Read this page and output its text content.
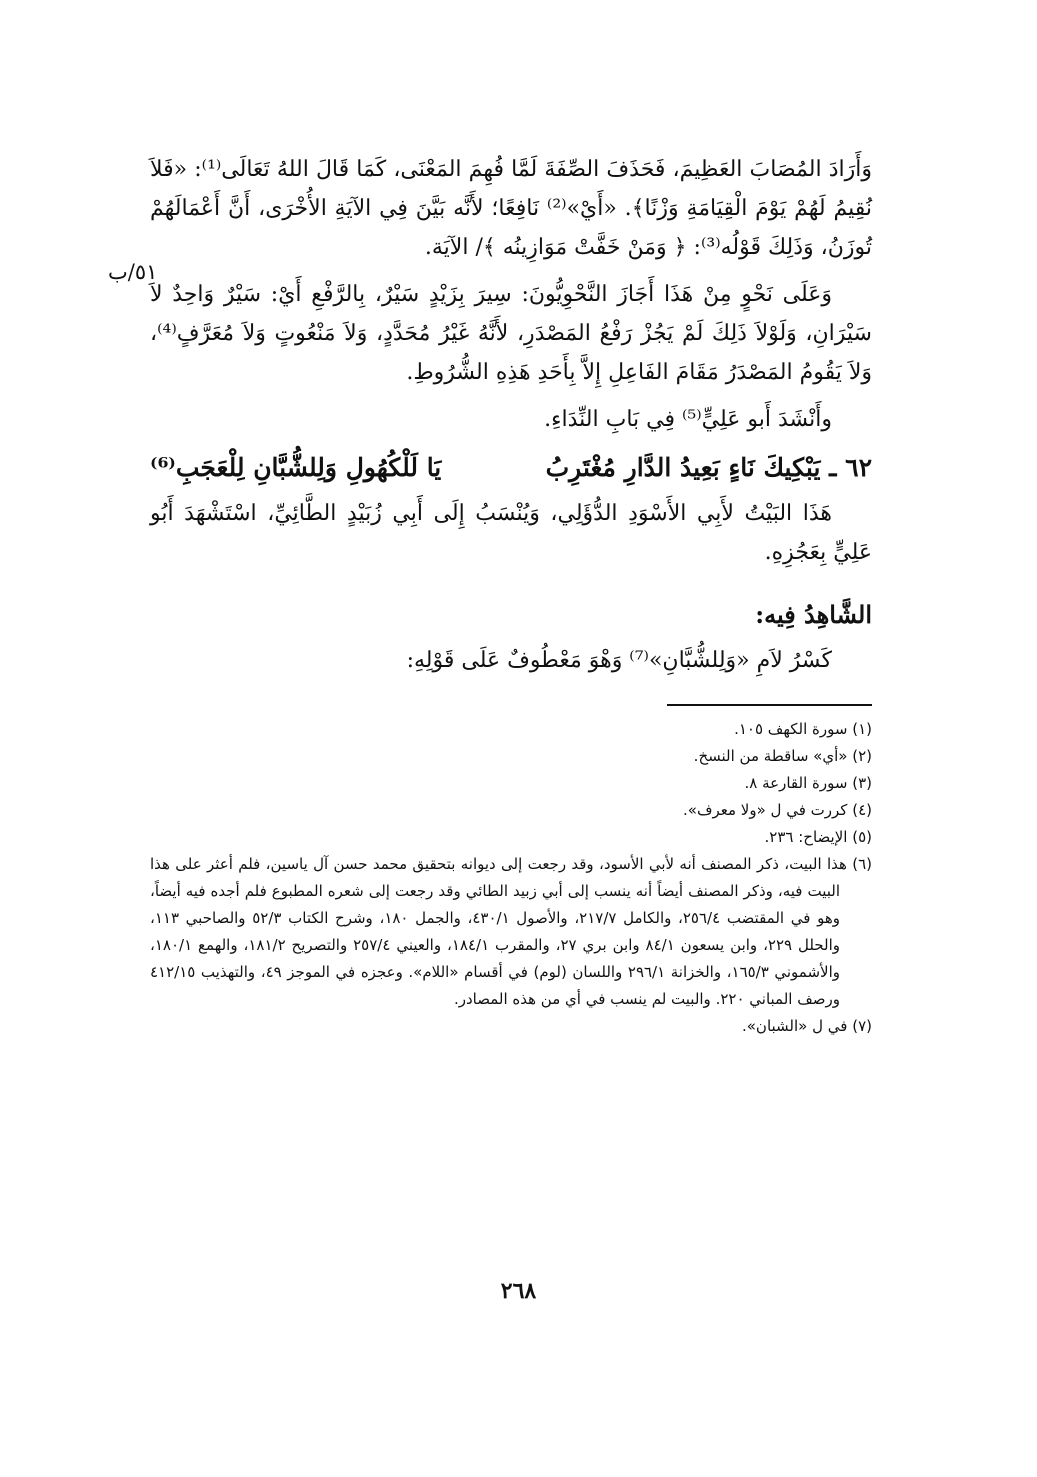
٥١/ب

وَأَرَادَ المُصَابَ العَظِيمَ، فَحَذَفَ الصِّفَةَ لَمَّا فُهِمَ المَعْنَى، كَمَا قَالَ اللهُ تَعَالَى⁽¹⁾: «فَلاَ نُقِيمُ لَهُمْ يَوْمَ الْقِيَامَةِ وَزْنًا﴾. «أَيْ»⁽²⁾ نَافِعًا؛ لأَنَّه بَيَّنَ فِي الآيَةِ الأُخْرَى، أَنَّ أَعْمَالَهُمْ تُوزَنُ، وَذَلِكَ قَوْلُه⁽³⁾: ﴿ وَمَنْ خَفَّتْ مَوَازِينُه ﴾/ الآيَة.

وَعَلَى نَحْوٍ مِنْ هَذَا أَجَازَ النَّحْوِيُّونَ: سِيرَ بِزَيْدٍ سَيْرٌ، بِالرَّفْعِ أَيْ: سَيْرٌ وَاحِدٌ لاَ سَيْرَانِ، وَلَوْلاَ ذَلِكَ لَمْ يَجُزْ رَفْعُ المَصْدَرِ، لأَنَّهُ غَيْرُ مُحَدَّدٍ، وَلاَ مَنْعُوتٍ وَلاَ مُعَرَّفٍ⁽⁴⁾، وَلاَ يَقُومُ المَصْدَرُ مَقَامَ الفَاعِلِ إِلاَّ بِأَحَدِ هَذِهِ الشُّرُوطِ.

وأَنْشَدَ أَبو عَلِيٍّ⁽⁵⁾ فِي بَابِ النِّدَاءِ.

٦٢ ـ يَبْكِيكَ نَاءٍ بَعِيدُ الدَّارِ مُغْتَرِبُ
يَا لَلْكُهُولِ وَلِلشُّبَّانِ لِلْعَجَبِ⁽⁶⁾

هَذَا البَيْتُ لأَبِي الأَسْوَدِ الدُّؤَلِي، وَيُنْسَبُ إِلَى أَبِي زُبَيْدٍ الطَّائِيِّ، اسْتَشْهَدَ أَبُو عَلِيٍّ بِعَجُزِهِ.

الشَّاهِدُ فِيه:

كَسْرُ لاَمِ «وَلِلشُّبَّانِ»⁽⁷⁾ وَهْوَ مَعْطُوفٌ عَلَى قَوْلِهِ:

(١) سورة الكهف ١٠٥.

(٢) «أي» ساقطة من النسخ.

(٣) سورة القارعة ٨.

(٤) كررت في ل «ولا معرف».

(٥) الإيضاح: ٢٣٦.

(٦) هذا البيت، ذكر المصنف أنه لأبي الأسود، وقد رجعت إلى ديوانه بتحقيق محمد حسن آل ياسين، فلم أعثر على هذا البيت فيه، وذكر المصنف أيضاً أنه ينسب إلى أبي زبيد الطائي وقد رجعت إلى شعره المطبوع فلم أجده فيه أيضاً، وهو في المقتضب ٢٥٦/٤، والكامل ٢١٧/٧، والأصول ٤٣٠/١، والجمل ١٨٠، وشرح الكتاب ٥٢/٣ والصاحبي ١١٣، والحلل ٢٢٩، وابن يسعون ٨٤/١ وابن بري ٢٧، والمقرب ١٨٤/١، والعيني ٢٥٧/٤ والتصريح ١٨١/٢، والهمع ١٨٠/١، والأشموني ١٦٥/٣، والخزانة ٢٩٦/١ واللسان (لوم) في أقسام «اللام». وعجزه في الموجز ٤٩، والتهذيب ٤١٢/١٥ ورصف المباني ٢٢٠. والبيت لم ينسب في أي من هذه المصادر.

(٧) في ل «الشبان».

٢٦٨
